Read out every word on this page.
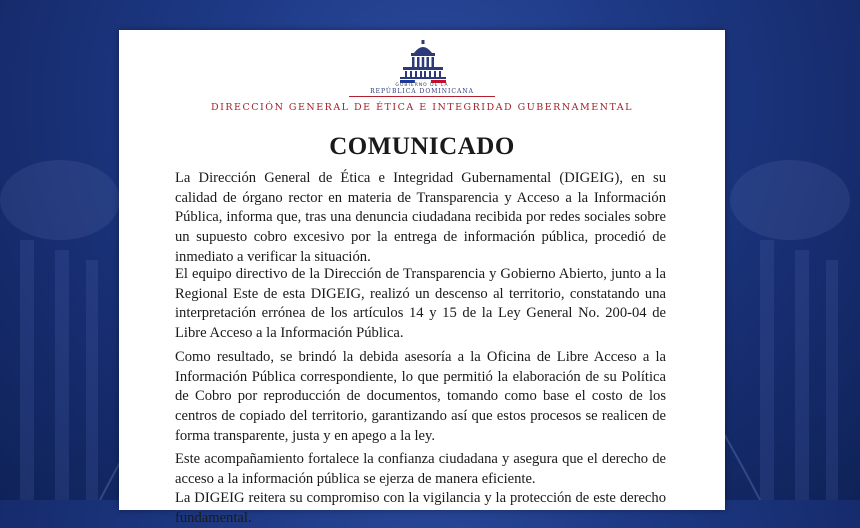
GOBIERNO DE LA
REPÚBLICA DOMINICANA
DIRECCIÓN GENERAL DE ÉTICA E INTEGRIDAD GUBERNAMENTAL
COMUNICADO

La Dirección General de Ética e Integridad Gubernamental (DIGEIG), en su calidad de órgano rector en materia de Transparencia y Acceso a la Información Pública, informa que, tras una denuncia ciudadana recibida por redes sociales sobre un supuesto cobro excesivo por la entrega de información pública, procedió de inmediato a verificar la situación.

El equipo directivo de la Dirección de Transparencia y Gobierno Abierto, junto a la Regional Este de esta DIGEIG, realizó un descenso al territorio, constatando una interpretación errónea de los artículos 14 y 15 de la Ley General No. 200-04 de Libre Acceso a la Información Pública.

Como resultado, se brindó la debida asesoría a la Oficina de Libre Acceso a la Información Pública correspondiente, lo que permitió la elaboración de su Política de Cobro por reproducción de documentos, tomando como base el costo de los centros de copiado del territorio, garantizando así que estos procesos se realicen de forma transparente, justa y en apego a la ley.

Este acompañamiento fortalece la confianza ciudadana y asegura que el derecho de acceso a la información pública se ejerza de manera eficiente.

La DIGEIG reitera su compromiso con la vigilancia y la protección de este derecho fundamental.
